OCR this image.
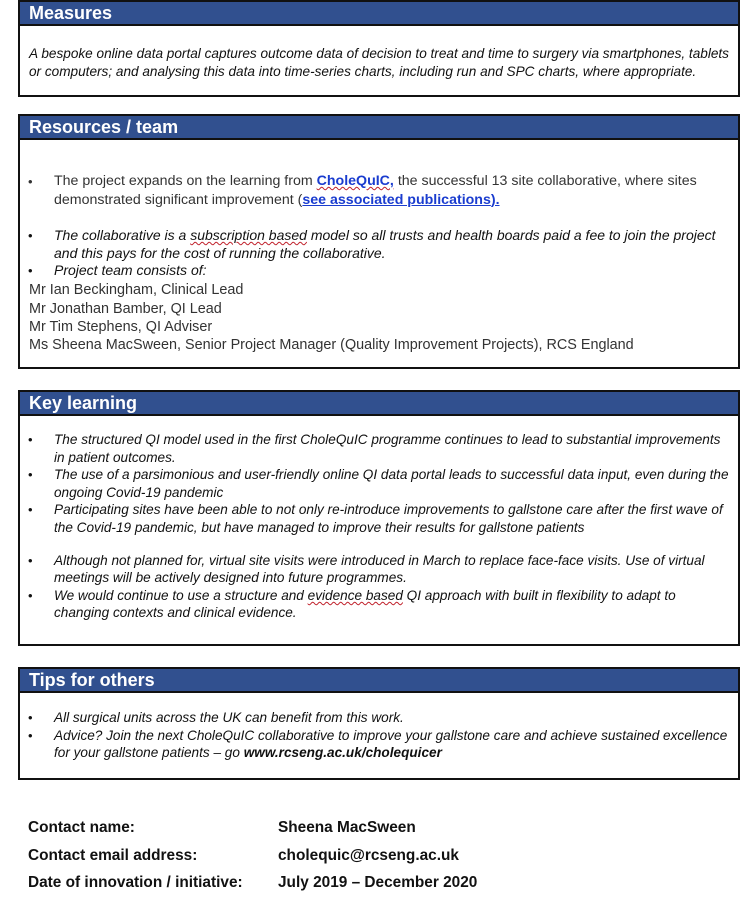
Measures
A bespoke online data portal captures outcome data of decision to treat and time to surgery via smartphones, tablets or computers; and analysing this data into time-series charts, including run and SPC charts, where appropriate.
Resources / team
• The project expands on the learning from CholeQuIC, the successful 13 site collaborative, where sites demonstrated significant improvement (see associated publications).
• The collaborative is a subscription based model so all trusts and health boards paid a fee to join the project and this pays for the cost of running the collaborative.
• Project team consists of:
Mr Ian Beckingham, Clinical Lead
Mr Jonathan Bamber, QI Lead
Mr Tim Stephens, QI Adviser
Ms Sheena MacSween, Senior Project Manager (Quality Improvement Projects), RCS England
Key learning
• The structured QI model used in the first CholeQuIC programme continues to lead to substantial improvements in patient outcomes.
• The use of a parsimonious and user-friendly online QI data portal leads to successful data input, even during the ongoing Covid-19 pandemic
• Participating sites have been able to not only re-introduce improvements to gallstone care after the first wave of the Covid-19 pandemic, but have managed to improve their results for gallstone patients
• Although not planned for, virtual site visits were introduced in March to replace face-face visits. Use of virtual meetings will be actively designed into future programmes.
• We would continue to use a structure and evidence based QI approach with built in flexibility to adapt to changing contexts and clinical evidence.
Tips for others
• All surgical units across the UK can benefit from this work.
• Advice? Join the next CholeQuIC collaborative to improve your gallstone care and achieve sustained excellence for your gallstone patients – go www.rcseng.ac.uk/cholequicer
Contact name:	Sheena MacSween
Contact email address:	cholequic@rcseng.ac.uk
Date of innovation / initiative: July 2019 – December 2020
